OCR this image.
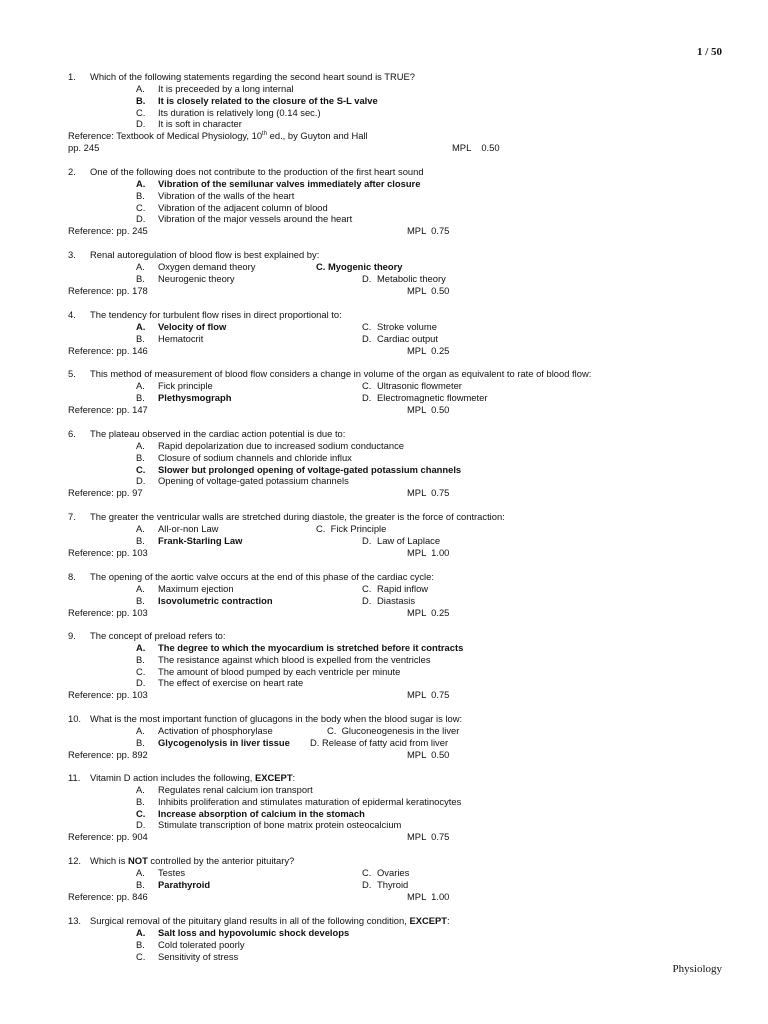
1 / 50
1. Which of the following statements regarding the second heart sound is TRUE?
A. It is preceeded by a long internal
B. It is closely related to the closure of the S-L valve
C. Its duration is relatively long (0.14 sec.)
D. It is soft in character
Reference: Textbook of Medical Physiology, 10th ed., by Guyton and Hall
pp. 245	MPL    0.50
2. One of the following does not contribute to the production of the first heart sound
A. Vibration of the semilunar valves immediately after closure
B. Vibration of the walls of the heart
C. Vibration of the adjacent column of blood
D. Vibration of the major vessels around the heart
Reference: pp. 245	MPL  0.75
3. Renal autoregulation of blood flow is best explained by:
A. Oxygen demand theory	C. Myogenic theory
B. Neurogenic theory	D. Metabolic theory
Reference: pp. 178	MPL  0.50
4. The tendency for turbulent flow rises in direct proportional to:
A. Velocity of flow	C. Stroke volume
B. Hematocrit	D. Cardiac output
Reference: pp. 146	MPL  0.25
5. This method of measurement of blood flow considers a change in volume of the organ as equivalent to rate of blood flow:
A. Fick principle	C. Ultrasonic flowmeter
B. Plethysmograph	D. Electromagnetic flowmeter
Reference: pp. 147	MPL  0.50
6. The plateau observed in the cardiac action potential is due to:
A. Rapid depolarization due to increased sodium conductance
B. Closure of sodium channels and chloride influx
C. Slower but prolonged opening of voltage-gated potassium channels
D. Opening of voltage-gated potassium channels
Reference: pp. 97	MPL  0.75
7. The greater the ventricular walls are stretched during diastole, the greater is the force of contraction:
A. All-or-non Law	C. Fick Principle
B. Frank-Starling Law	D. Law of Laplace
Reference: pp. 103	MPL  1.00
8. The opening of the aortic valve occurs at the end of this phase of the cardiac cycle:
A. Maximum ejection	C. Rapid inflow
B. Isovolumetric contraction	D. Diastasis
Reference: pp. 103	MPL  0.25
9. The concept of preload refers to:
A. The degree to which the myocardium is stretched before it contracts
B. The resistance against which blood is expelled from the ventricles
C. The amount of blood pumped by each ventricle per minute
D. The effect of exercise on heart rate
Reference: pp. 103	MPL  0.75
10. What is the most important function of glucagons in the body when the blood sugar is low:
A. Activation of phosphorylase	C. Gluconeogenesis in the liver
B. Glycogenolysis in liver tissue D. Release of fatty acid from liver
Reference: pp. 892	MPL  0.50
11. Vitamin D action includes the following, EXCEPT:
A. Regulates renal calcium ion transport
B. Inhibits proliferation and stimulates maturation of epidermal keratinocytes
C. Increase absorption of calcium in the stomach
D. Stimulate transcription of bone matrix protein osteocalcium
Reference: pp. 904	MPL  0.75
12. Which is NOT controlled by the anterior pituitary?
A. Testes	C. Ovaries
B. Parathyroid	D. Thyroid
Reference: pp. 846	MPL  1.00
13. Surgical removal of the pituitary gland results in all of the following condition, EXCEPT:
A. Salt loss and hypovolumic shock develops
B. Cold tolerated poorly
C. Sensitivity of stress
Physiology
